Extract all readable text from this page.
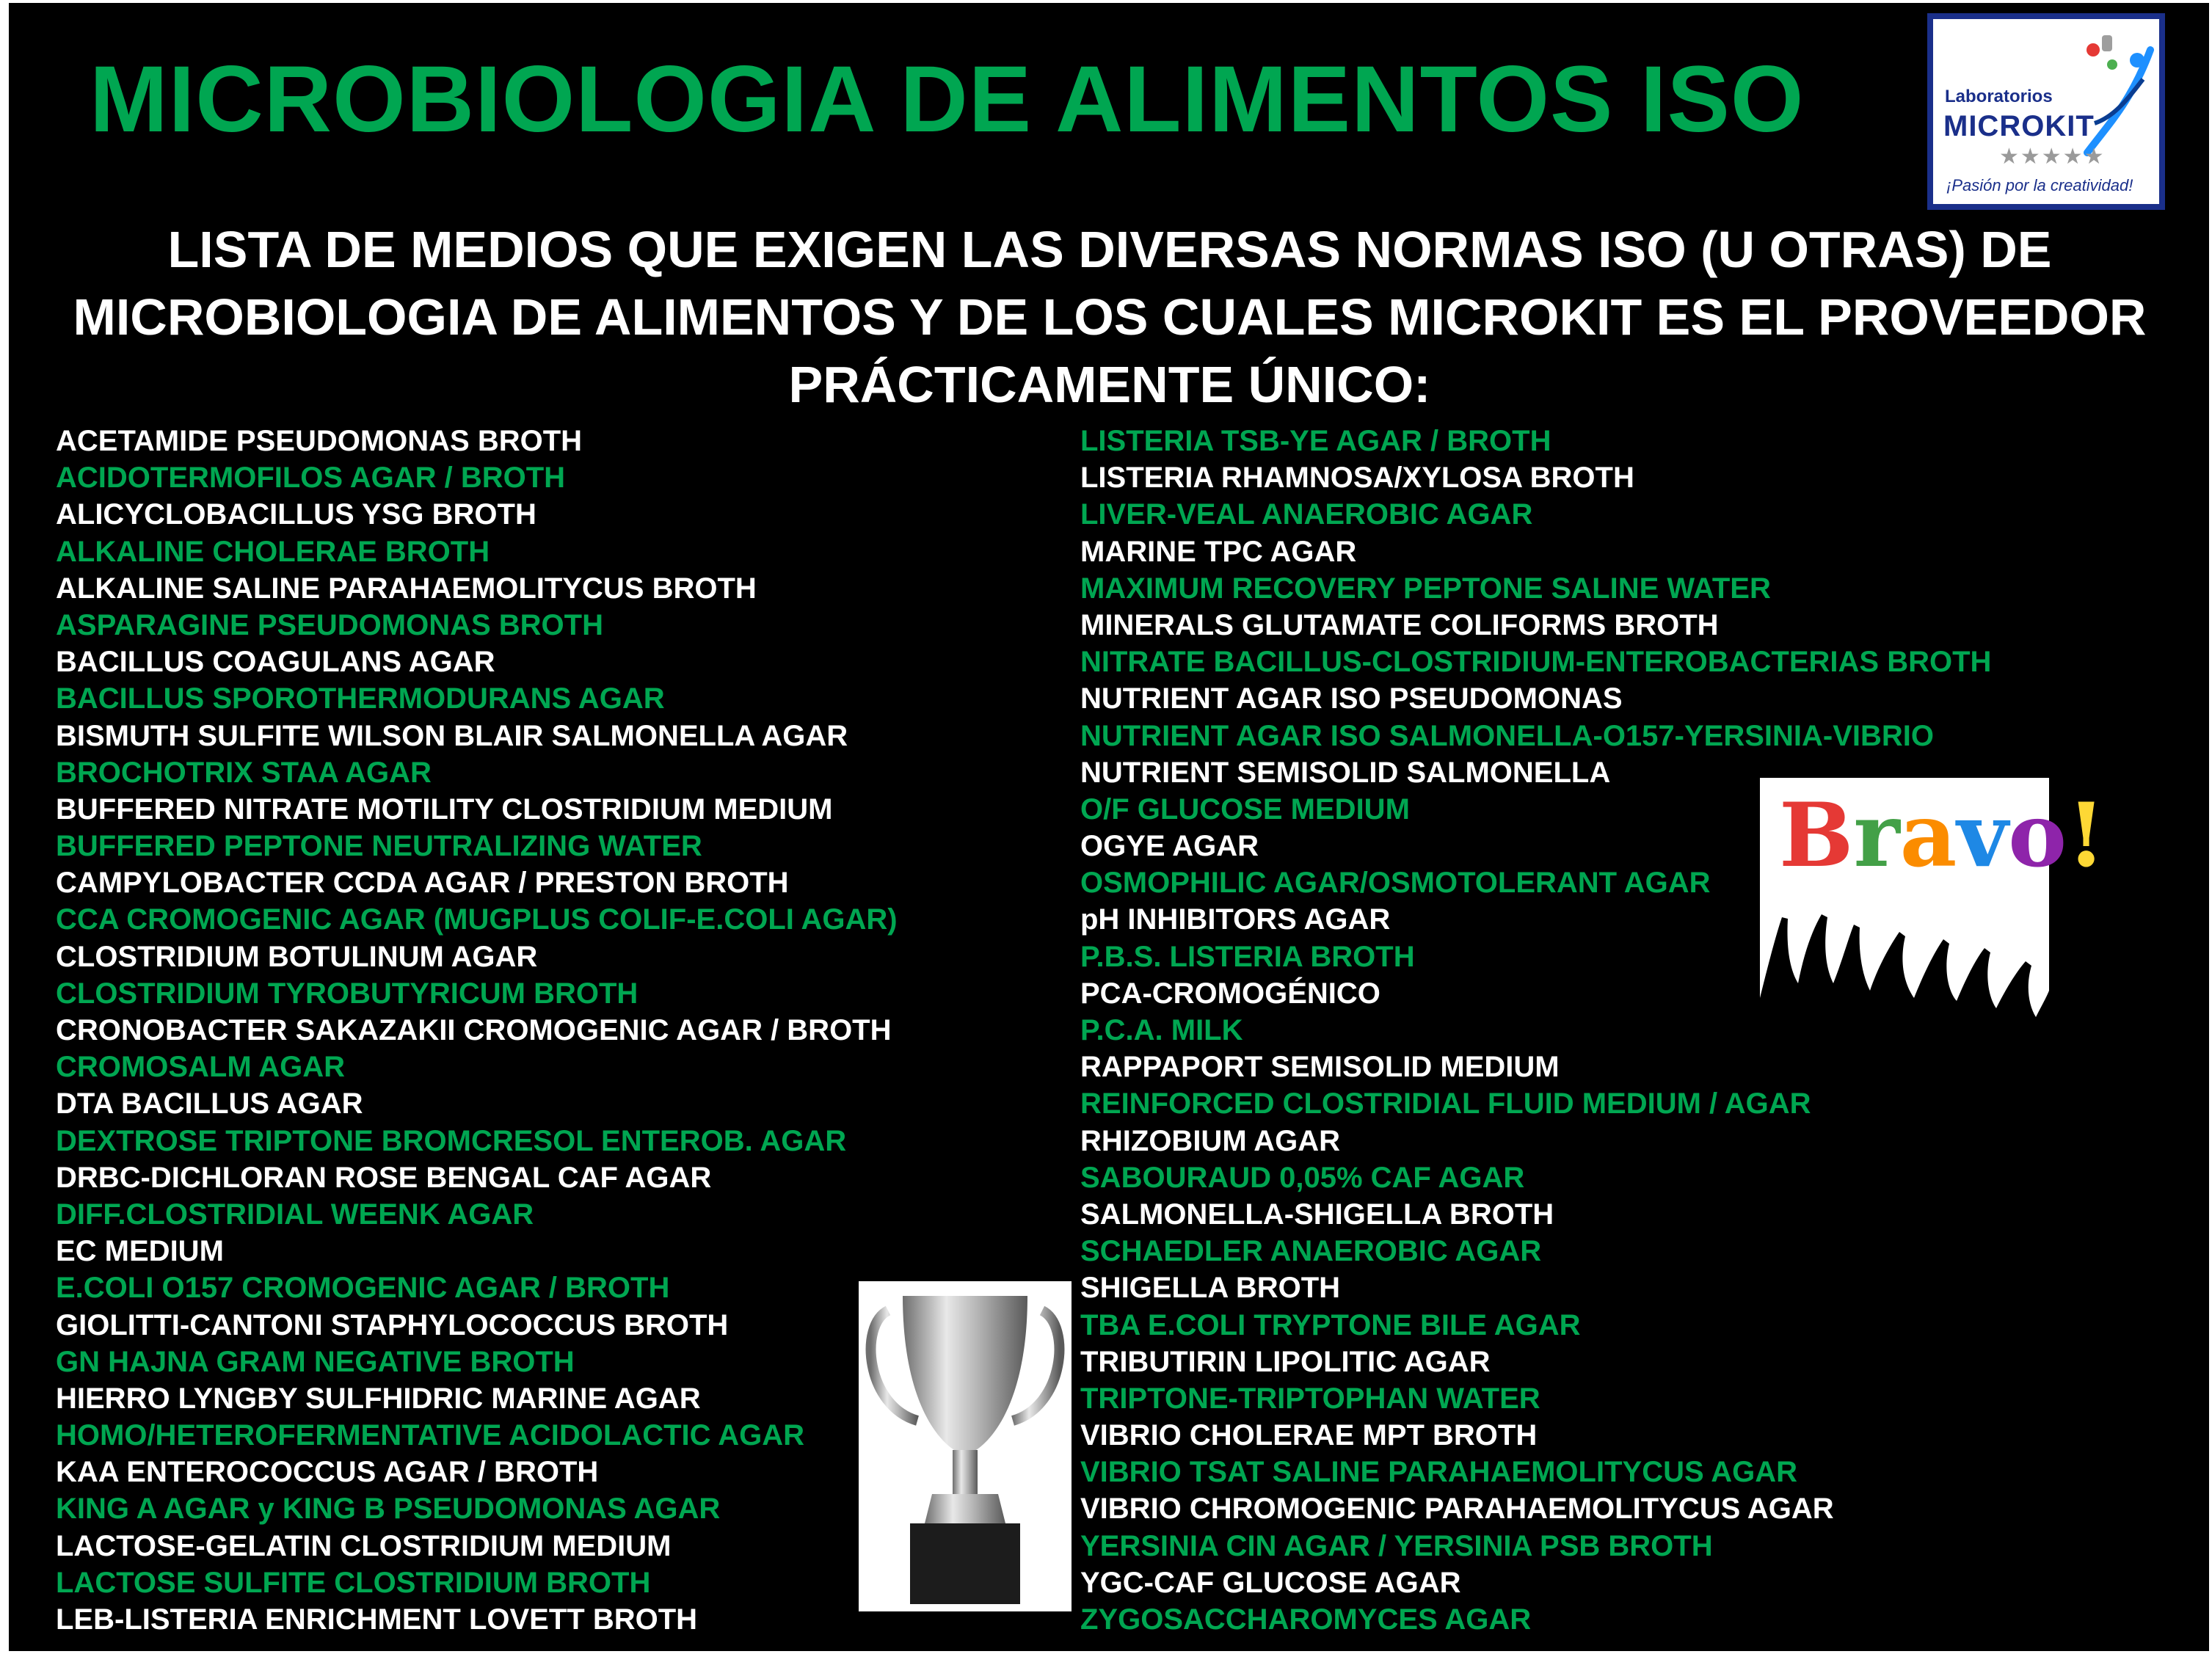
MICROBIOLOGIA DE ALIMENTOS ISO	Laboratorios
MICROKIT
★★★★★
¡Pasión por la creatividad!

LISTA DE MEDIOS QUE EXIGEN LAS DIVERSAS NORMAS ISO (U OTRAS) DE MICROBIOLOGIA DE ALIMENTOS Y DE LOS CUALES MICROKIT ES EL PROVEEDOR PRÁCTICAMENTE ÚNICO:

ACETAMIDE PSEUDOMONAS BROTH
ACIDOTERMOFILOS AGAR / BROTH
ALICYCLOBACILLUS YSG BROTH
ALKALINE CHOLERAE BROTH
ALKALINE SALINE PARAHAEMOLITYCUS BROTH
ASPARAGINE PSEUDOMONAS BROTH
BACILLUS COAGULANS AGAR
BACILLUS SPOROTHERMODURANS AGAR
BISMUTH SULFITE WILSON BLAIR SALMONELLA AGAR
BROCHOTRIX STAA AGAR
BUFFERED NITRATE MOTILITY CLOSTRIDIUM MEDIUM
BUFFERED PEPTONE NEUTRALIZING WATER
CAMPYLOBACTER CCDA AGAR / PRESTON BROTH
CCA CROMOGENIC AGAR (MUGPLUS COLIF-E.COLI AGAR)
CLOSTRIDIUM BOTULINUM AGAR
CLOSTRIDIUM TYROBUTYRICUM BROTH
CRONOBACTER SAKAZAKII CROMOGENIC AGAR / BROTH
CROMOSALM AGAR
DTA BACILLUS AGAR
DEXTROSE TRIPTONE BROMCRESOL ENTEROB. AGAR
DRBC-DICHLORAN ROSE BENGAL CAF AGAR
DIFF.CLOSTRIDIAL WEENK AGAR
EC MEDIUM
E.COLI O157 CROMOGENIC AGAR / BROTH
GIOLITTI-CANTONI STAPHYLOCOCCUS BROTH
GN HAJNA GRAM NEGATIVE BROTH
HIERRO LYNGBY SULFHIDRIC MARINE AGAR
HOMO/HETEROFERMENTATIVE ACIDOLACTIC AGAR
KAA ENTEROCOCCUS AGAR / BROTH
KING A AGAR y KING B PSEUDOMONAS AGAR
LACTOSE-GELATIN CLOSTRIDIUM MEDIUM
LACTOSE SULFITE CLOSTRIDIUM BROTH
LEB-LISTERIA ENRICHMENT LOVETT BROTH
LISTERIA TSB-YE AGAR / BROTH
LISTERIA RHAMNOSA/XYLOSA BROTH
LIVER-VEAL ANAEROBIC AGAR
MARINE TPC AGAR
MAXIMUM RECOVERY PEPTONE SALINE WATER
MINERALS GLUTAMATE COLIFORMS BROTH
NITRATE BACILLUS-CLOSTRIDIUM-ENTEROBACTERIAS BROTH
NUTRIENT AGAR ISO PSEUDOMONAS
NUTRIENT AGAR ISO SALMONELLA-O157-YERSINIA-VIBRIO
NUTRIENT SEMISOLID SALMONELLA
O/F GLUCOSE MEDIUM
OGYE AGAR
OSMOPHILIC AGAR/OSMOTOLERANT AGAR
pH INHIBITORS AGAR
P.B.S. LISTERIA BROTH
PCA-CROMOGÉNICO
P.C.A. MILK
RAPPAPORT SEMISOLID MEDIUM
REINFORCED CLOSTRIDIAL FLUID MEDIUM / AGAR
RHIZOBIUM AGAR
SABOURAUD 0,05% CAF AGAR
SALMONELLA-SHIGELLA BROTH
SCHAEDLER ANAEROBIC AGAR
SHIGELLA BROTH
TBA E.COLI TRYPTONE BILE AGAR
TRIBUTIRIN LIPOLITIC AGAR
TRIPTONE-TRIPTOPHAN WATER
VIBRIO CHOLERAE MPT BROTH
VIBRIO TSAT SALINE PARAHAEMOLITYCUS AGAR
VIBRIO CHROMOGENIC PARAHAEMOLITYCUS AGAR
YERSINIA CIN AGAR / YERSINIA PSB BROTH
YGC-CAF GLUCOSE AGAR
ZYGOSACCHAROMYCES AGAR
Bravo!
